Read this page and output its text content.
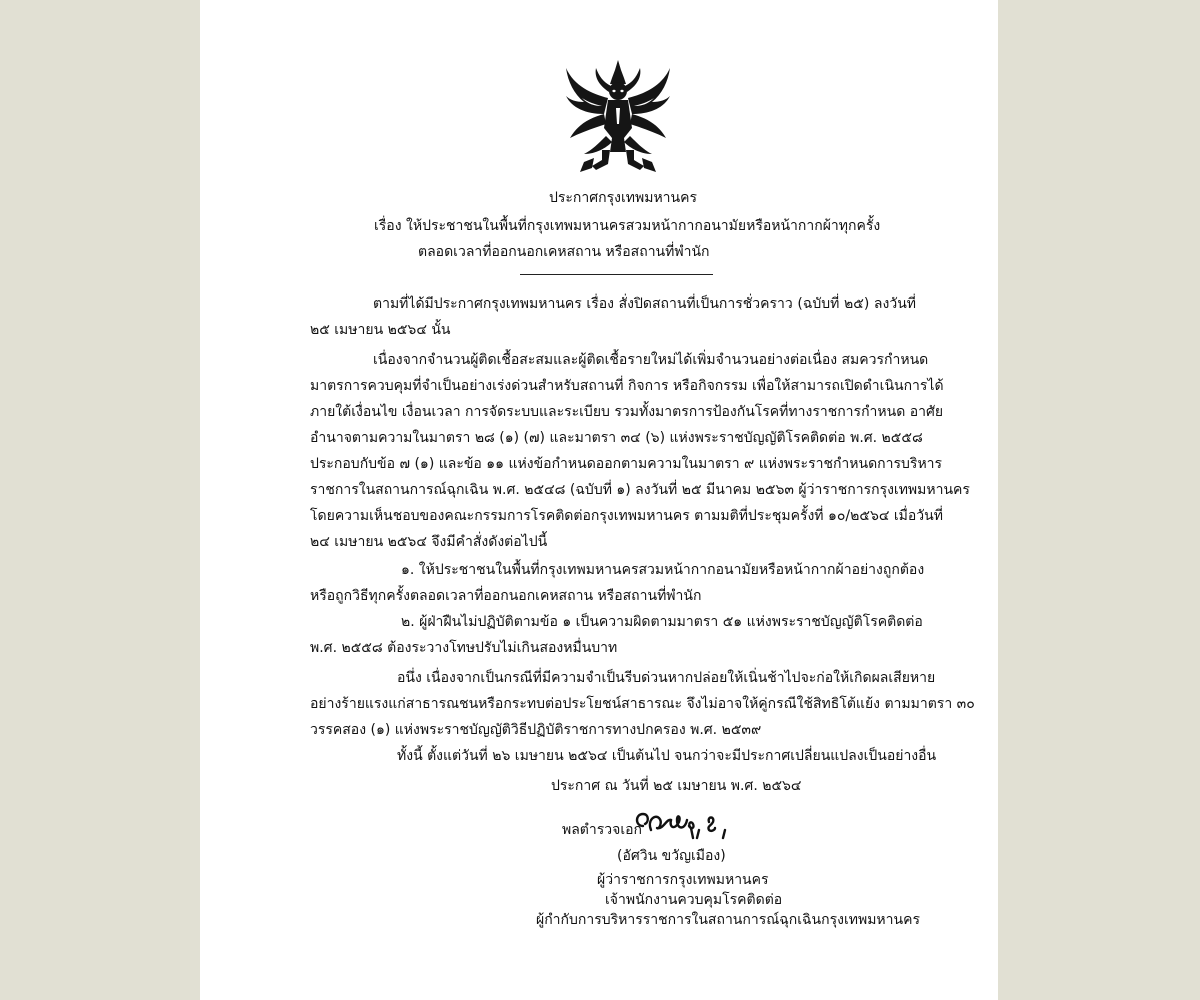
ประกาศกรุงเทพมหานคร
เรื่อง ให้ประชาชนในพื้นที่กรุงเทพมหานครสวมหน้ากากอนามัยหรือหน้ากากผ้าทุกครั้ง
ตลอดเวลาที่ออกนอกเคหสถาน หรือสถานที่พำนัก
ตามที่ได้มีประกาศกรุงเทพมหานคร เรื่อง สั่งปิดสถานที่เป็นการชั่วคราว (ฉบับที่ ๒๕) ลงวันที่
๒๕ เมษายน ๒๕๖๔ นั้น
เนื่องจากจำนวนผู้ติดเชื้อสะสมและผู้ติดเชื้อรายใหม่ได้เพิ่มจำนวนอย่างต่อเนื่อง สมควรกำหนด
มาตรการควบคุมที่จำเป็นอย่างเร่งด่วนสำหรับสถานที่ กิจการ หรือกิจกรรม เพื่อให้สามารถเปิดดำเนินการได้
ภายใต้เงื่อนไข เงื่อนเวลา การจัดระบบและระเบียบ รวมทั้งมาตรการป้องกันโรคที่ทางราชการกำหนด อาศัย
อำนาจตามความในมาตรา ๒๘ (๑) (๗) และมาตรา ๓๔ (๖) แห่งพระราชบัญญัติโรคติดต่อ พ.ศ. ๒๕๕๘
ประกอบกับข้อ ๗ (๑) และข้อ ๑๑ แห่งข้อกำหนดออกตามความในมาตรา ๙ แห่งพระราชกำหนดการบริหาร
ราชการในสถานการณ์ฉุกเฉิน พ.ศ. ๒๕๔๘ (ฉบับที่ ๑) ลงวันที่ ๒๕ มีนาคม ๒๕๖๓ ผู้ว่าราชการกรุงเทพมหานคร
โดยความเห็นชอบของคณะกรรมการโรคติดต่อกรุงเทพมหานคร ตามมติที่ประชุมครั้งที่ ๑๐/๒๕๖๔ เมื่อวันที่
๒๔ เมษายน ๒๕๖๔ จึงมีคำสั่งดังต่อไปนี้
๑. ให้ประชาชนในพื้นที่กรุงเทพมหานครสวมหน้ากากอนามัยหรือหน้ากากผ้าอย่างถูกต้อง
หรือถูกวิธีทุกครั้งตลอดเวลาที่ออกนอกเคหสถาน หรือสถานที่พำนัก
๒. ผู้ฝ่าฝืนไม่ปฏิบัติตามข้อ ๑ เป็นความผิดตามมาตรา ๕๑ แห่งพระราชบัญญัติโรคติดต่อ
พ.ศ. ๒๕๕๘ ต้องระวางโทษปรับไม่เกินสองหมื่นบาท
อนึ่ง เนื่องจากเป็นกรณีที่มีความจำเป็นรีบด่วนหากปล่อยให้เนิ่นช้าไปจะก่อให้เกิดผลเสียหาย
อย่างร้ายแรงแก่สาธารณชนหรือกระทบต่อประโยชน์สาธารณะ จึงไม่อาจให้คู่กรณีใช้สิทธิโต้แย้ง ตามมาตรา ๓๐
วรรคสอง (๑) แห่งพระราชบัญญัติวิธีปฏิบัติราชการทางปกครอง พ.ศ. ๒๕๓๙
ทั้งนี้ ตั้งแต่วันที่ ๒๖ เมษายน ๒๕๖๔ เป็นต้นไป จนกว่าจะมีประกาศเปลี่ยนแปลงเป็นอย่างอื่น
ประกาศ ณ วันที่ ๒๕ เมษายน พ.ศ. ๒๕๖๔
พลตำรวจเอก
(อัศวิน ขวัญเมือง)
ผู้ว่าราชการกรุงเทพมหานคร
เจ้าพนักงานควบคุมโรคติดต่อ
ผู้กำกับการบริหารราชการในสถานการณ์ฉุกเฉินกรุงเทพมหานคร
